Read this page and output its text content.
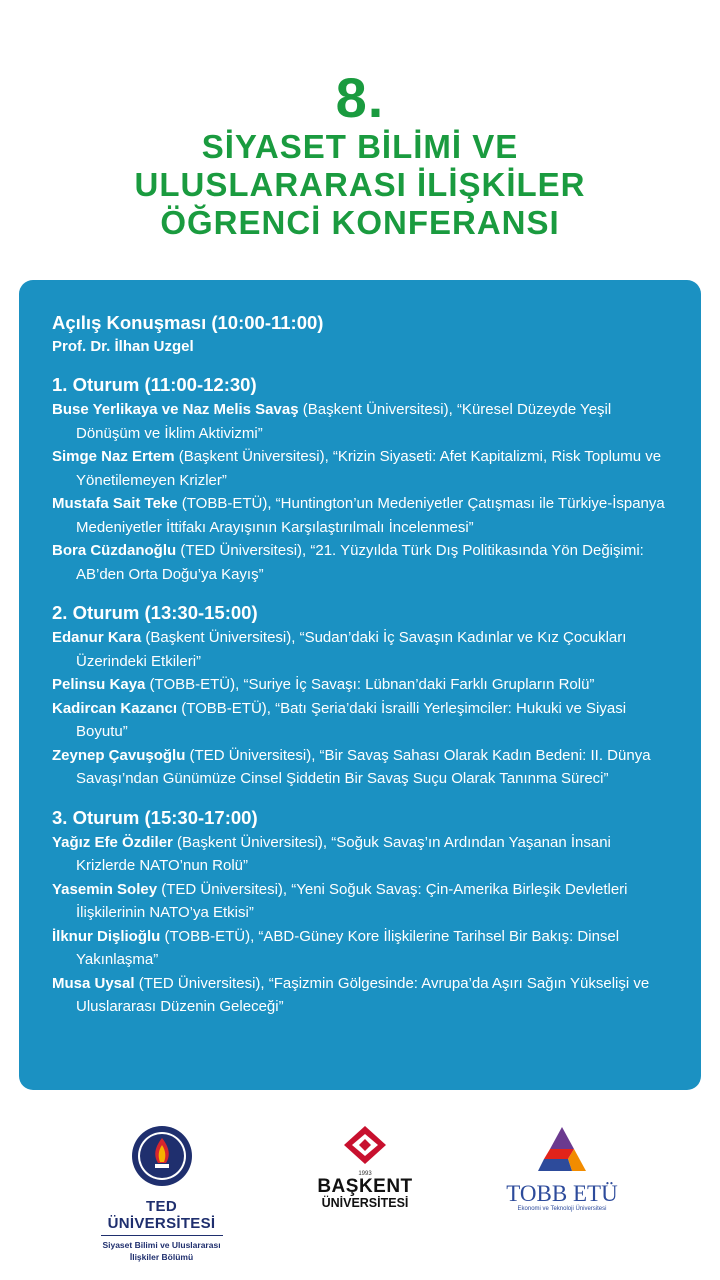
8.
SİYASET BİLİMİ VE
ULUSLARARASI İLİŞKİLER
ÖĞRENCİ KONFERANSI
Açılış Konuşması (10:00-11:00)
Prof. Dr. İlhan Uzgel
1. Oturum (11:00-12:30)
Buse Yerlikaya ve Naz Melis Savaş (Başkent Üniversitesi), “Küresel Düzeyde Yeşil Dönüşüm ve İklim Aktivizmi”
Simge Naz Ertem (Başkent Üniversitesi), “Krizin Siyaseti: Afet Kapitalizmi, Risk Toplumu ve Yönetilemeyen Krizler”
Mustafa Sait Teke (TOBB-ETÜ), “Huntington’un Medeniyetler Çatışması ile Türkiye-İspanya Medeniyetler İttifakı Arayışının Karşılaştırılmalı İncelenmesi”
Bora Cüzdanoğlu (TED Üniversitesi), “21. Yüzyılda Türk Dış Politikasında Yön Değişimi: AB’den Orta Doğu’ya Kayış”
2. Oturum (13:30-15:00)
Edanur Kara (Başkent Üniversitesi), “Sudan’daki İç Savaşın Kadınlar ve Kız Çocukları Üzerindeki Etkileri”
Pelinsu Kaya (TOBB-ETÜ), “Suriye İç Savaşı: Lübnan’daki Farklı Grupların Rolü”
Kadircan Kazancı (TOBB-ETÜ), “Batı Şeria’daki İsrailli Yerleşimciler: Hukuki ve Siyasi Boyutu”
Zeynep Çavuşoğlu (TED Üniversitesi), “Bir Savaş Sahası Olarak Kadın Bedeni: II. Dünya Savaşı’ndan Günümüze Cinsel Şiddetin Bir Savaş Suçu Olarak Tanınma Süreci”
3. Oturum (15:30-17:00)
Yağız Efe Özdiler (Başkent Üniversitesi), “Soğuk Savaş’ın Ardından Yaşanan İnsani Krizlerde NATO’nun Rolü”
Yasemin Soley (TED Üniversitesi), “Yeni Soğuk Savaş: Çin-Amerika Birleşik Devletleri İlişkilerinin NATO’ya Etkisi”
İlknur Dişlioğlu (TOBB-ETÜ), “ABD-Güney Kore İlişkilerine Tarihsel Bir Bakış: Dinsel Yakınlaşma”
Musa Uysal (TED Üniversitesi), “Faşizmin Gölgesinde: Avrupa’da Aşırı Sağın Yükselişi ve Uluslararası Düzenin Geleceği”
TED ÜNİVERSİTESİ
Siyaset Bilimi ve Uluslararası
İlişkiler Bölümü
1993
BAŞKENT
ÜNİVERSİTESİ	TOBB ETÜ
Ekonomi ve Teknoloji Üniversitesi
